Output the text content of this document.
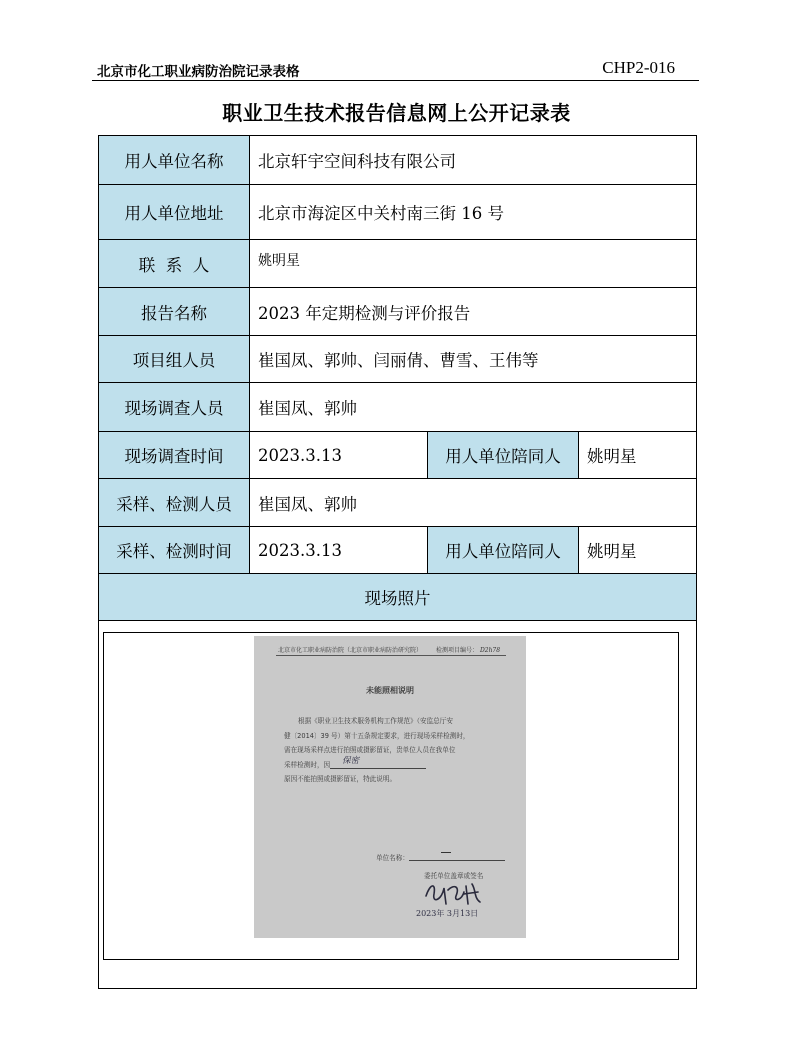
北京市化工职业病防治院记录表格	CHP2-016
职业卫生技术报告信息网上公开记录表
用人单位名称	北京轩宇空间科技有限公司		
用人单位地址	北京市海淀区中关村南三街 16 号		
联  系  人	姚明星		
报告名称	2023 年定期检测与评价报告		
项目组人员	崔国凤、郭帅、闫丽倩、曹雪、王伟等		
现场调查人员	崔国凤、郭帅		
现场调查时间	2023.3.13	用人单位陪同人	姚明星
采样、检测人员	崔国凤、郭帅		
采样、检测时间	2023.3.13	用人单位陪同人	姚明星
现场照片			

北京市化工职业病防治院（北京市职业病防治研究院） 检测项目编号： D2h78
未能照相说明

根据《职业卫生技术服务机构工作规范》（安监总厅安

健〔2014〕39 号）第十五条规定要求，进行现场采样检测时，

需在现场采样点进行拍照或摄影留证，贵单位人员在我单位

采样检测时，因 保密

原因不能拍照或摄影留证，特此说明。

单位名称：
委托单位盖章或签名
2023年 3月13日
